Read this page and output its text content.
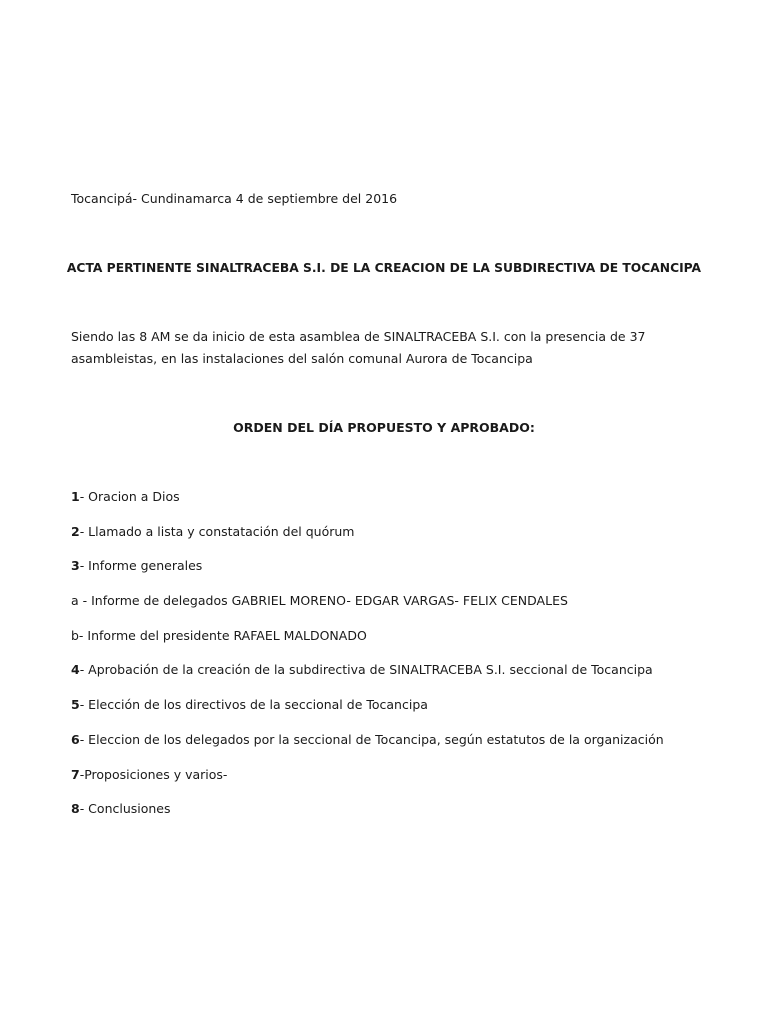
Tocancipá- Cundinamarca 4 de septiembre del 2016
ACTA PERTINENTE SINALTRACEBA S.I. DE LA CREACION DE LA SUBDIRECTIVA DE TOCANCIPA
Siendo las 8 AM se da inicio de esta asamblea de SINALTRACEBA S.I. con la presencia de 37
asambleistas, en las instalaciones del salón comunal Aurora de Tocancipa
ORDEN DEL DÍA PROPUESTO Y APROBADO:
1- Oracion a Dios
2- Llamado a lista y constatación del quórum
3- Informe generales
a - Informe de delegados GABRIEL MORENO- EDGAR VARGAS- FELIX CENDALES
b- Informe del presidente RAFAEL MALDONADO
4- Aprobación de la creación de la subdirectiva de SINALTRACEBA S.I. seccional de Tocancipa
5- Elección de los directivos de la seccional de Tocancipa
6- Eleccion de los delegados por la seccional de Tocancipa, según estatutos de la organización
7-Proposiciones y varios-
8- Conclusiones
